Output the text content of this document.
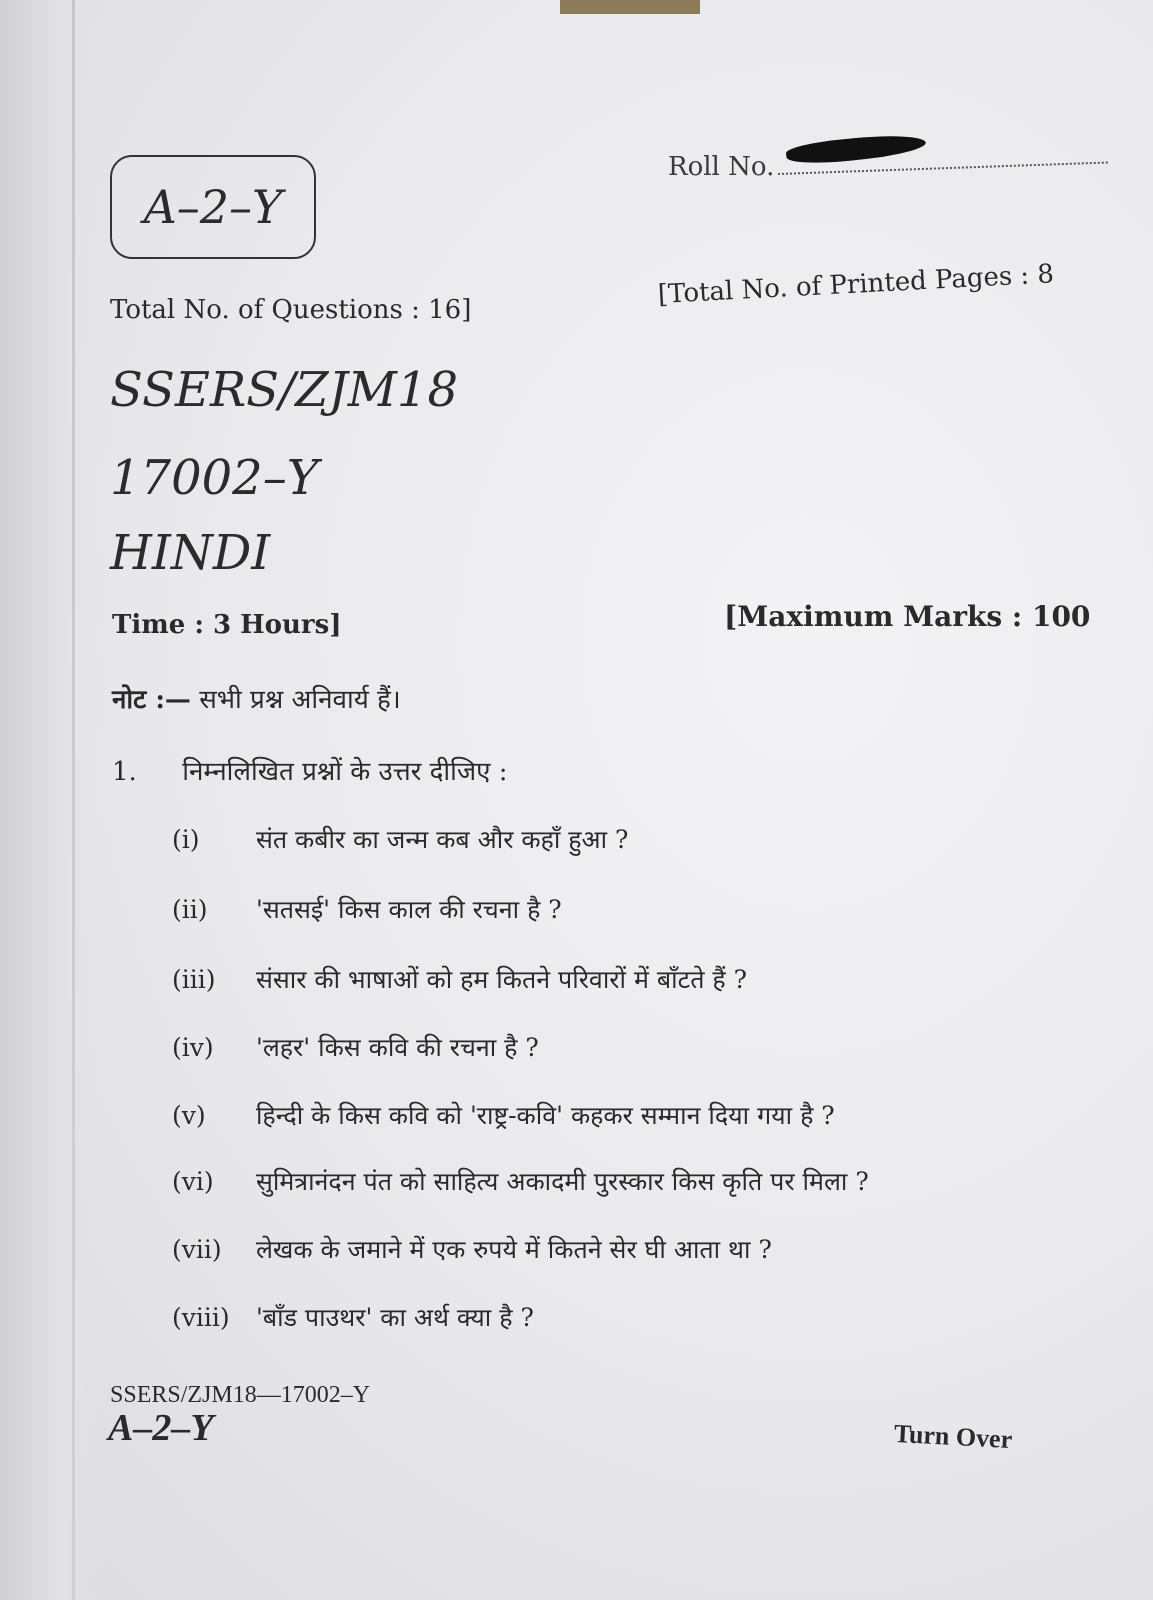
A–2–Y
Roll No.
Total No. of Questions : 16]
[Total No. of Printed Pages : 8
SSERS/ZJM18
17002–Y
HINDI
Time : 3 Hours]	[Maximum Marks : 100
नोट :— सभी प्रश्न अनिवार्य हैं।
1. निम्नलिखित प्रश्नों के उत्तर दीजिए :
(i) संत कबीर का जन्म कब और कहाँ हुआ ?
(ii) 'सतसई' किस काल की रचना है ?
(iii) संसार की भाषाओं को हम कितने परिवारों में बाँटते हैं ?
(iv) 'लहर' किस कवि की रचना है ?
(v) हिन्दी के किस कवि को 'राष्ट्र-कवि' कहकर सम्मान दिया गया है ?
(vi) सुमित्रानंदन पंत को साहित्य अकादमी पुरस्कार किस कृति पर मिला ?
(vii) लेखक के जमाने में एक रुपये में कितने सेर घी आता था ?
(viii) 'बाँड पाउथर' का अर्थ क्या है ?
SSERS/ZJM18—17002–Y
A–2–Y	Turn Over
